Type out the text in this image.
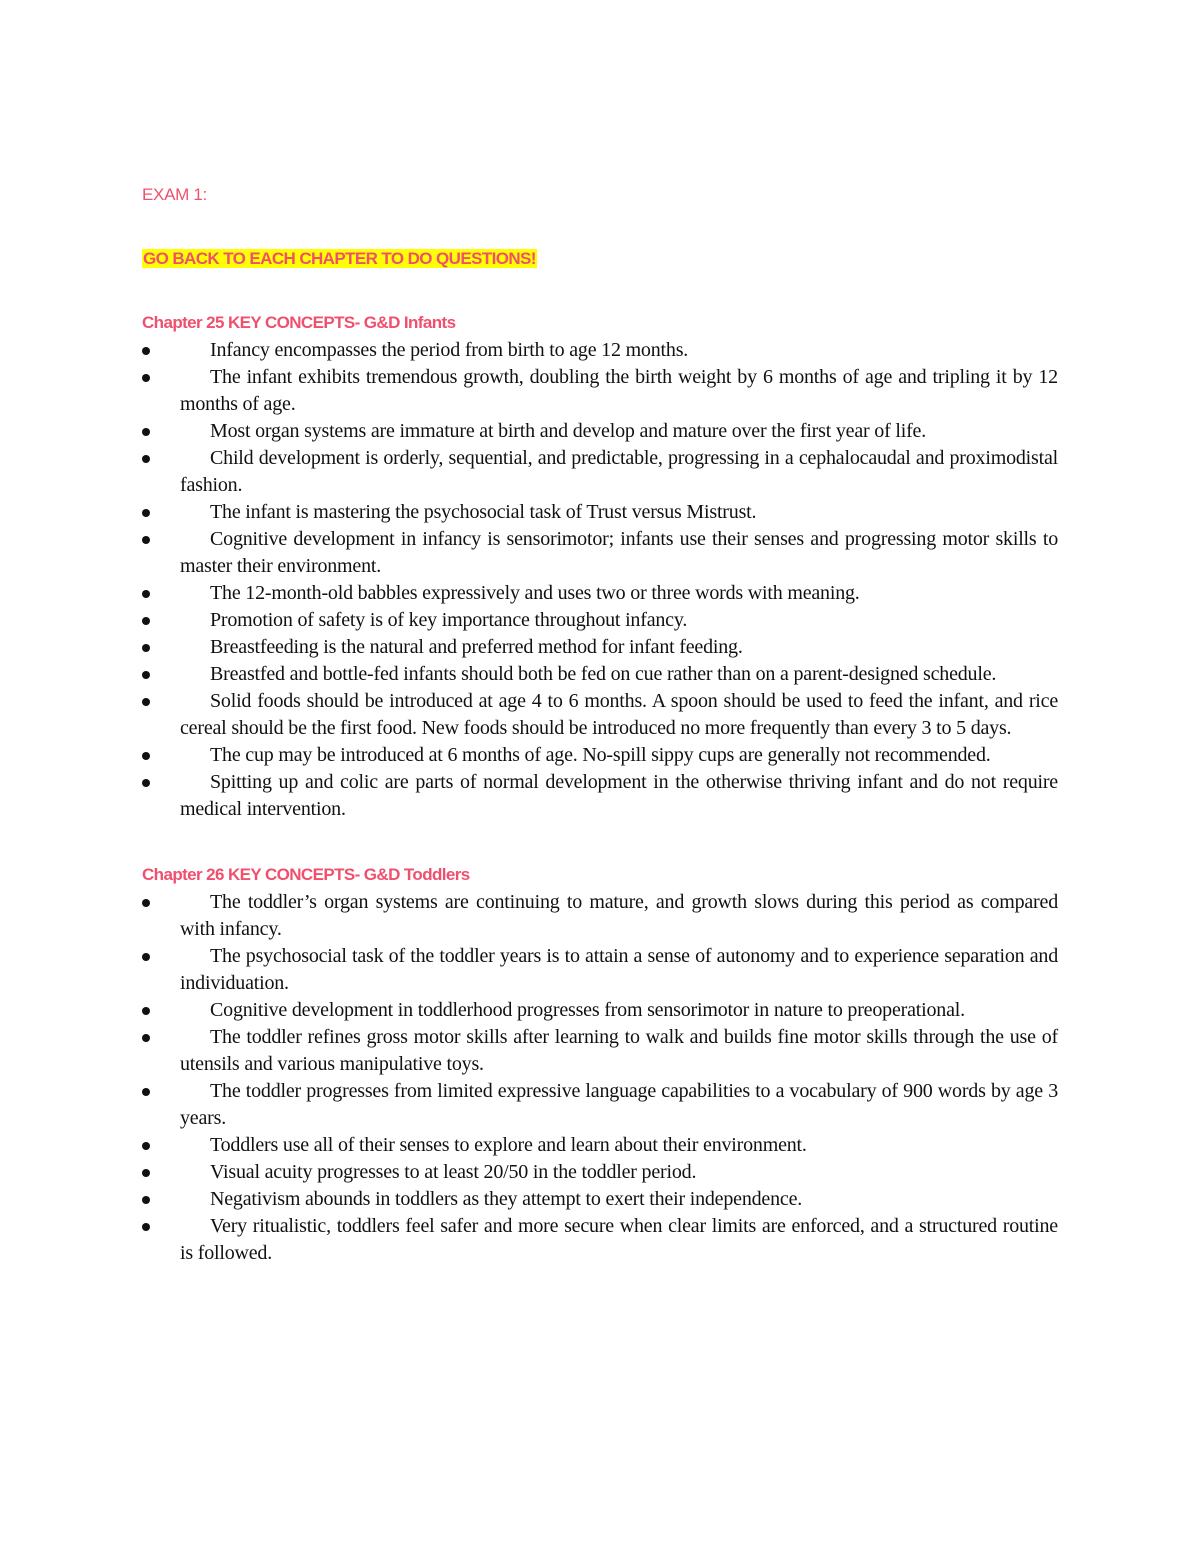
EXAM 1:
GO BACK TO EACH CHAPTER TO DO QUESTIONS!
Chapter 25 KEY CONCEPTS- G&D Infants
Infancy encompasses the period from birth to age 12 months.
The infant exhibits tremendous growth, doubling the birth weight by 6 months of age and tripling it by 12 months of age.
Most organ systems are immature at birth and develop and mature over the first year of life.
Child development is orderly, sequential, and predictable, progressing in a cephalocaudal and proximodistal fashion.
The infant is mastering the psychosocial task of Trust versus Mistrust.
Cognitive development in infancy is sensorimotor; infants use their senses and progressing motor skills to master their environment.
The 12-month-old babbles expressively and uses two or three words with meaning.
Promotion of safety is of key importance throughout infancy.
Breastfeeding is the natural and preferred method for infant feeding.
Breastfed and bottle-fed infants should both be fed on cue rather than on a parent-designed schedule.
Solid foods should be introduced at age 4 to 6 months. A spoon should be used to feed the infant, and rice cereal should be the first food. New foods should be introduced no more frequently than every 3 to 5 days.
The cup may be introduced at 6 months of age. No-spill sippy cups are generally not recommended.
Spitting up and colic are parts of normal development in the otherwise thriving infant and do not require medical intervention.
Chapter 26 KEY CONCEPTS- G&D Toddlers
The toddler’s organ systems are continuing to mature, and growth slows during this period as compared with infancy.
The psychosocial task of the toddler years is to attain a sense of autonomy and to experience separation and individuation.
Cognitive development in toddlerhood progresses from sensorimotor in nature to preoperational.
The toddler refines gross motor skills after learning to walk and builds fine motor skills through the use of utensils and various manipulative toys.
The toddler progresses from limited expressive language capabilities to a vocabulary of 900 words by age 3 years.
Toddlers use all of their senses to explore and learn about their environment.
Visual acuity progresses to at least 20/50 in the toddler period.
Negativism abounds in toddlers as they attempt to exert their independence.
Very ritualistic, toddlers feel safer and more secure when clear limits are enforced, and a structured routine is followed.
